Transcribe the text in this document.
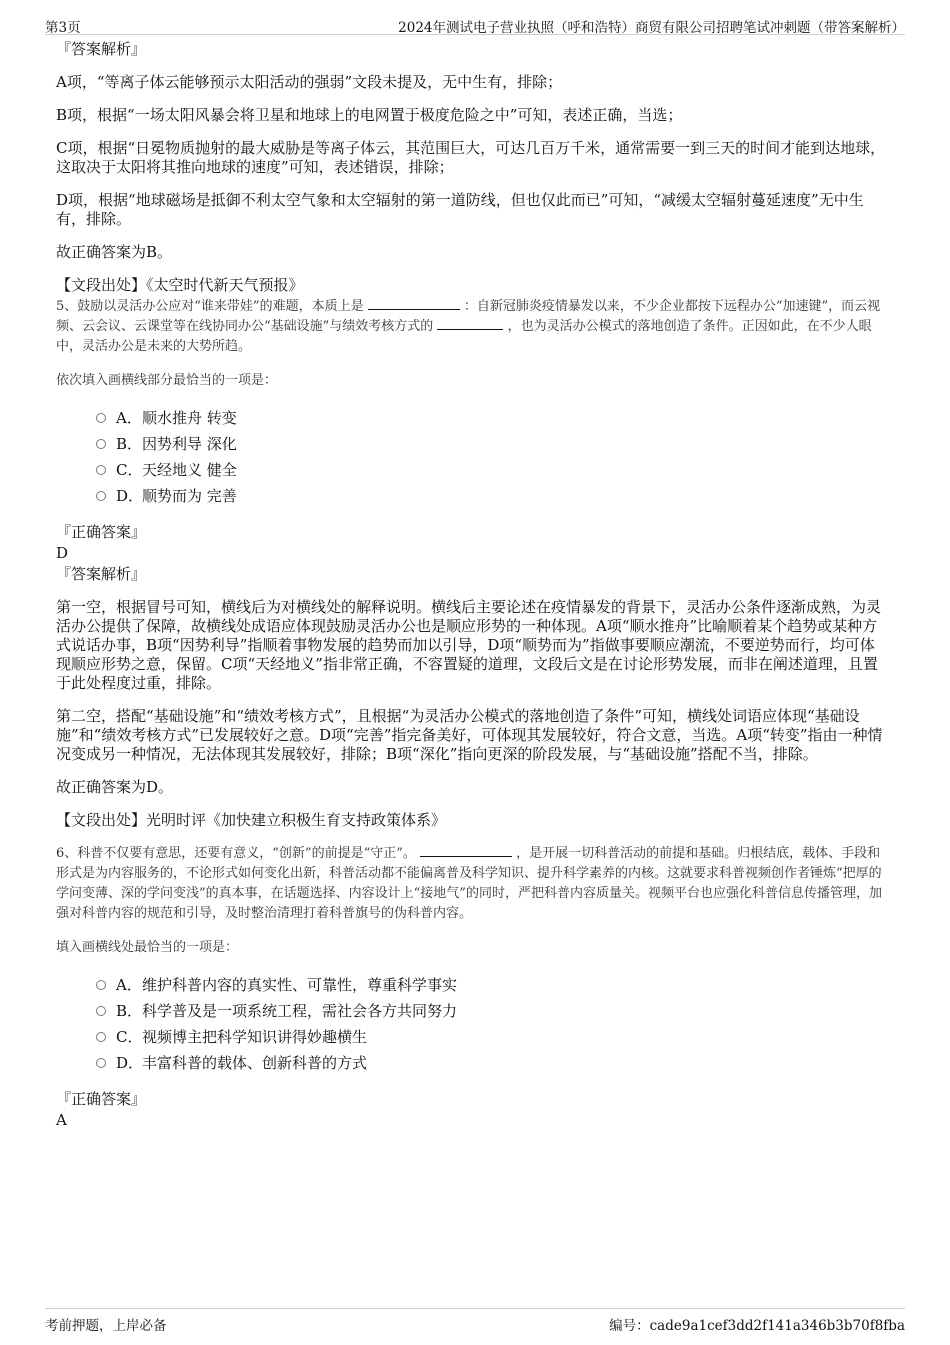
第3页	2024年测试电子营业执照（呼和浩特）商贸有限公司招聘笔试冲刺题（带答案解析）
『答案解析』
A项，“等离子体云能够预示太阳活动的强弱”文段未提及，无中生有，排除；
B项，根据“一场太阳风暴会将卫星和地球上的电网置于极度危险之中”可知，表述正确，当选；
C项，根据“日冕物质抛射的最大威胁是等离子体云，其范围巨大，可达几百万千米，通常需要一到三天的时间才能到达地球，这取决于太阳将其推向地球的速度”可知，表述错误，排除；
D项，根据“地球磁场是抵御不利太空气象和太空辐射的第一道防线，但也仅此而已”可知，“减缓太空辐射蔓延速度”无中生有，排除。
故正确答案为B。
【文段出处】《太空时代新天气预报》
5、鼓励以灵活办公应对“谁来带娃”的难题，本质上是	：自新冠肺炎疫情暴发以来，不少企业都按下远程办公“加速键”，而云视频、云会议、云课堂等在线协同办公“基础设施”与绩效考核方式的	，也为灵活办公模式的落地创造了条件。正因如此，在不少人眼中，灵活办公是未来的大势所趋。
依次填入画横线部分最恰当的一项是：
A． 顺水推舟 转变
B． 因势利导 深化
C． 天经地义 健全
D．
顺势而为 完善
『正确答案』
D
『答案解析』
第一空，根据冒号可知，横线后为对横线处的解释说明。横线后主要论述在疫情暴发的背景下，灵活办公条件逐渐成熟，为灵活办公提供了保障，故横线处成语应体现鼓励灵活办公也是顺应形势的一种体现。A项“顺水推舟”比喻顺着某个趋势或某种方式说话办事，B项“因势利导”指顺着事物发展的趋势而加以引导，D项“顺势而为”指做事要顺应潮流，不要逆势而行，均可体现顺应形势之意，保留。C项“天经地义”指非常正确，不容置疑的道理，文段后文是在讨论形势发展，而非在阐述道理，且置于此处程度过重，排除。
第二空，搭配“基础设施”和“绩效考核方式”，且根据“为灵活办公模式的落地创造了条件”可知，横线处词语应体现“基础设施”和“绩效考核方式”已发展较好之意。D项“完善”指完备美好，可体现其发展较好，符合文意，当选。A项“转变”指由一种情况变成另一种情况，无法体现其发展较好，排除；B项“深化”指向更深的阶段发展，与“基础设施”搭配不当，排除。
故正确答案为D。
【文段出处】光明时评《加快建立积极生育支持政策体系》
6、科普不仅要有意思，还要有意义，“创新”的前提是“守正”。	，是开展一切科普活动的前提和基础。归根结底，载体、手段和形式是为内容服务的，不论形式如何变化出新，科普活动都不能偏离普及科学知识、提升科学素养的内核。这就要求科普视频创作者锤炼“把厚的学问变薄、深的学问变浅”的真本事，在话题选择、内容设计上“接地气”的同时，严把科普内容质量关。视频平台也应强化科普信息传播管理，加强对科普内容的规范和引导，及时整治清理打着科普旗号的伪科普内容。
填入画横线处最恰当的一项是：
A． 维护科普内容的真实性、可靠性，尊重科学事实
B． 科学普及是一项系统工程，需社会各方共同努力
C． 视频博主把科学知识讲得妙趣横生
D．
丰富科普的载体、创新科普的方式
『正确答案』
A
考前押题，上岸必备	编号：cade9a1cef3dd2f141a346b3b70f8fba
